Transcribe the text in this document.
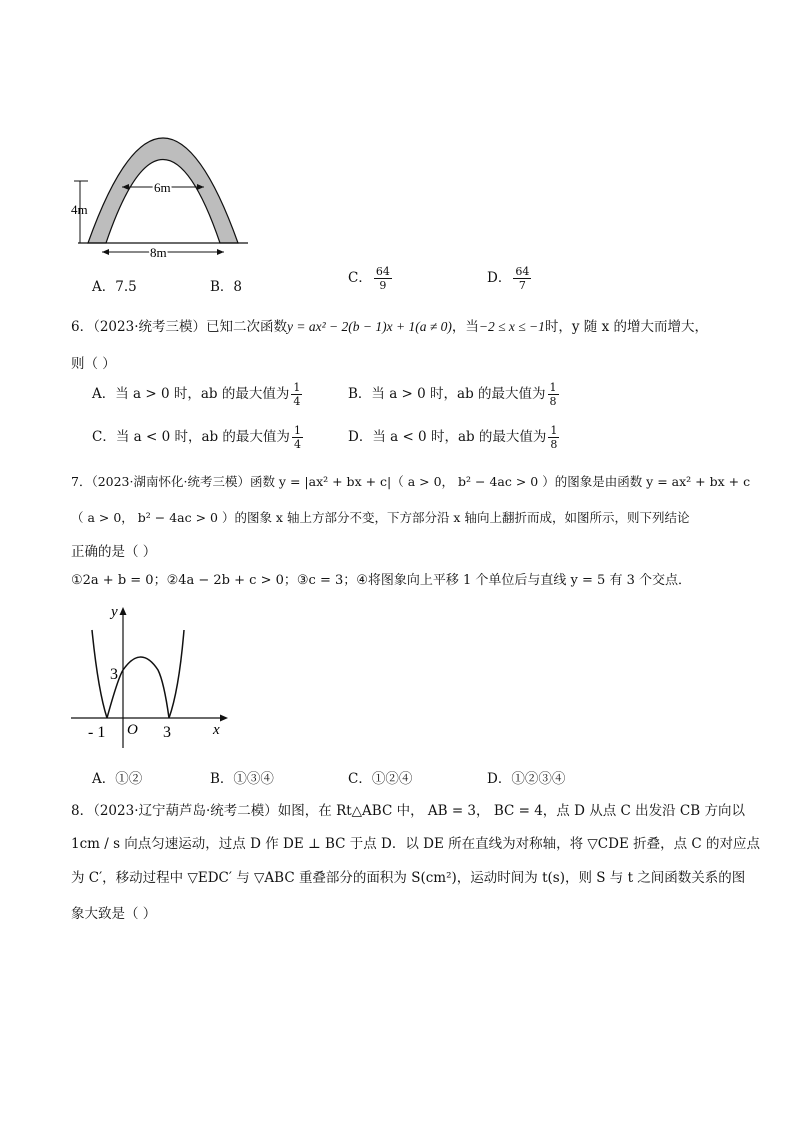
4m
6m
8m
A．7.5	B．8
C． $\frac{64}{9}$	D． $\frac{64}{7}$
6．（2023·统考三模）已知二次函数y = ax² − 2(b − 1)x + 1(a ≠ 0)，当−2 ≤ x ≤ −1时，y 随 x 的增大而增大，
则（ ）
A．当 a > 0 时，ab 的最大值为 $\frac{1}{4}$	B．当 a > 0 时，ab 的最大值为 $\frac{1}{8}$
C．当 a < 0 时，ab 的最大值为 $\frac{1}{4}$	D．当 a < 0 时，ab 的最大值为 $\frac{1}{8}$
7．（2023·湖南怀化·统考三模）函数 y = |ax² + bx + c|（ a > 0， b² − 4ac > 0 ）的图象是由函数 y = ax² + bx + c
（ a > 0， b² − 4ac > 0 ）的图象 x 轴上方部分不变，下方部分沿 x 轴向上翻折而成，如图所示，则下列结论
正确的是（ ）
①2a + b = 0；②4a − 2b + c > 0；③c = 3；④将图象向上平移 1 个单位后与直线 y = 5 有 3 个交点．
y
x
O
3
- 1	3
A．①②	B．①③④	C．①②④	D．①②③④
8．（2023·辽宁葫芦岛·统考二模）如图，在 Rt△ABC 中， AB = 3， BC = 4，点 D 从点 C 出发沿 CB 方向以
1cm / s 向点匀速运动，过点 D 作 DE ⊥ BC 于点 D．以 DE 所在直线为对称轴，将 ▽CDE 折叠，点 C 的对应点
为 C′，移动过程中 ▽EDC′ 与 ▽ABC 重叠部分的面积为 S(cm²)，运动时间为 t(s)，则 S 与 t 之间函数关系的图
象大致是（ ）
